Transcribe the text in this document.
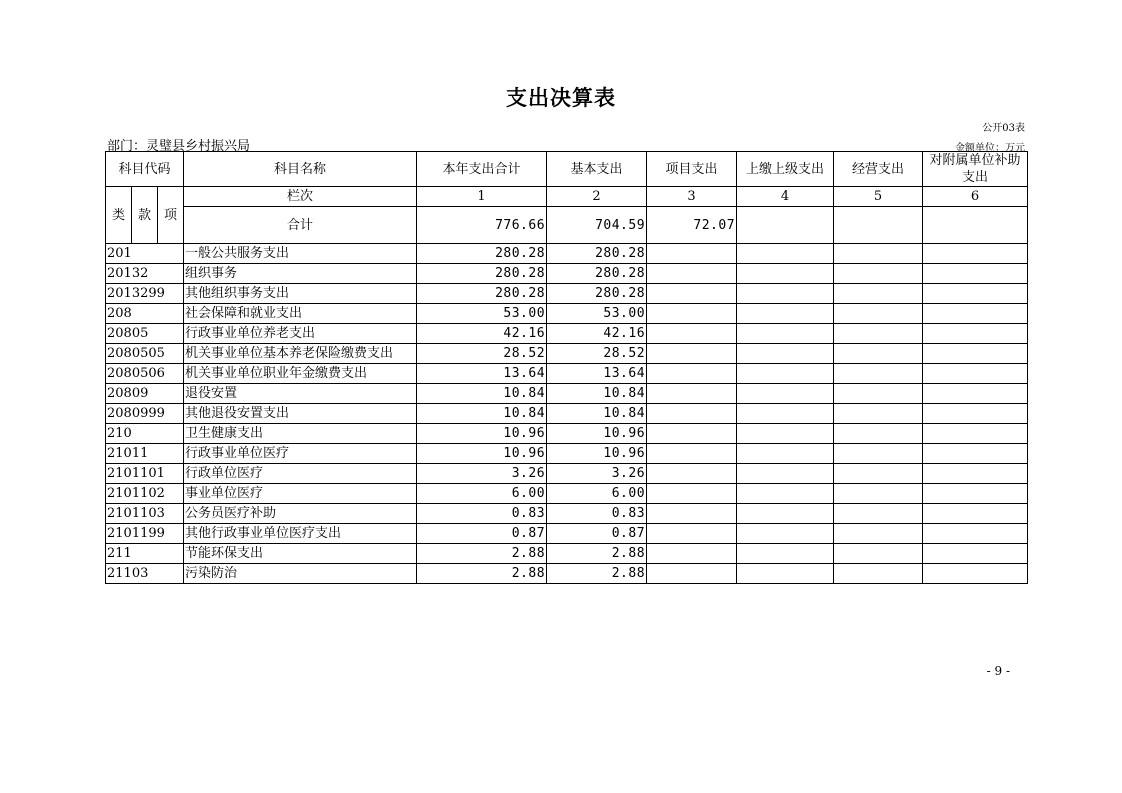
支出决算表
公开03表
部门：灵璧县乡村振兴局	金额单位：万元
科目代码			科目名称	本年支出合计	基本支出	项目支出	上缴上级支出	经营支出	对附属单位补助支出
类	款	项	栏次	1	2	3	4	5	6
			合计	776.66	704.59	72.07			
201			一般公共服务支出	280.28	280.28				
20132			组织事务	280.28	280.28				
2013299			其他组织事务支出	280.28	280.28				
208			社会保障和就业支出	53.00	53.00				
20805			行政事业单位养老支出	42.16	42.16				
2080505			机关事业单位基本养老保险缴费支出	28.52	28.52				
2080506			机关事业单位职业年金缴费支出	13.64	13.64				
20809			退役安置	10.84	10.84				
2080999			其他退役安置支出	10.84	10.84				
210			卫生健康支出	10.96	10.96				
21011			行政事业单位医疗	10.96	10.96				
2101101			行政单位医疗	3.26	3.26				
2101102			事业单位医疗	6.00	6.00				
2101103			公务员医疗补助	0.83	0.83				
2101199			其他行政事业单位医疗支出	0.87	0.87				
211			节能环保支出	2.88	2.88				
21103			污染防治	2.88	2.88				
- 9 -
